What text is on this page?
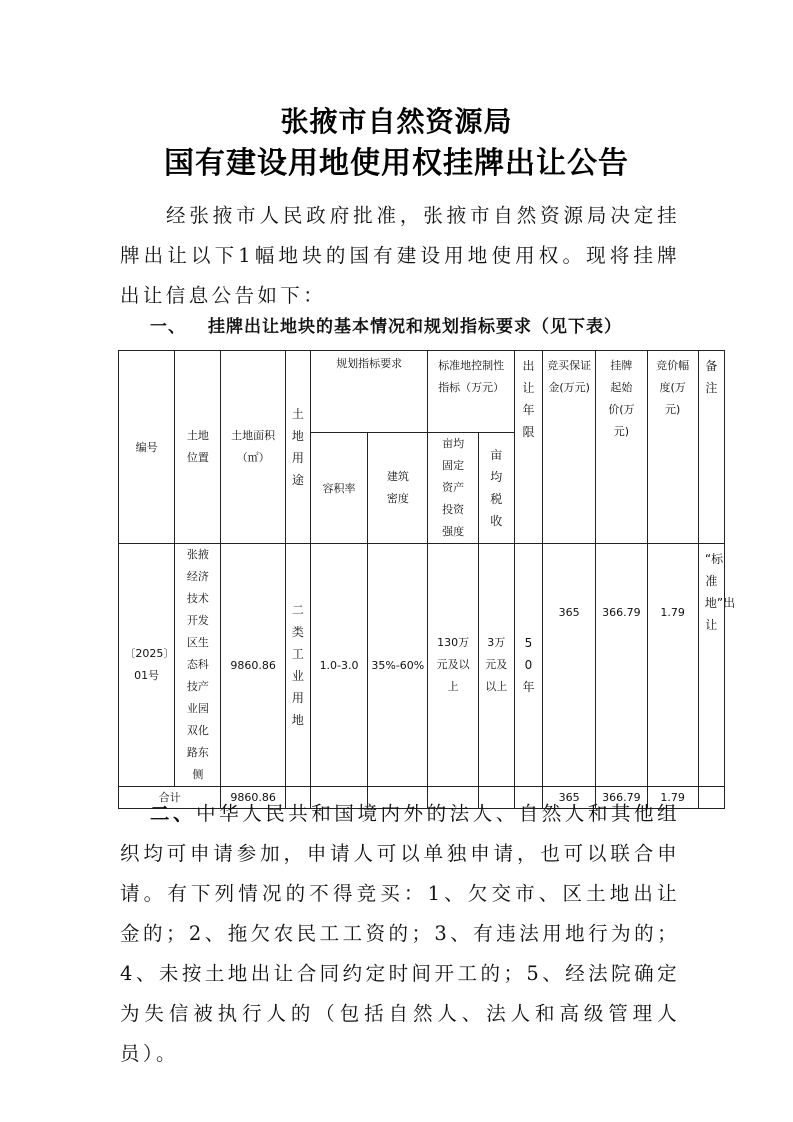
张掖市自然资源局
国有建设用地使用权挂牌出让公告

经张掖市人民政府批准，张掖市自然资源局决定挂牌出让以下1幅地块的国有建设用地使用权。现将挂牌出让信息公告如下：

一、 挂牌出让地块的基本情况和规划指标要求（见下表）
编号	土地位置	土地面积（㎡）	土地用途	规划指标要求		标准地控制性指标（万元）		出让年限	竞买保证金(万元)	挂牌起始价(万元)	竞价幅度(万元)	备注

				容积率	建筑密度	亩均固定资产投资强度	亩均税收					
〔2025〕01号	张掖经济技术开发区生态科技产业园双化路东侧	9860.86	二类工业用地	1.0-3.0	35%-60%	130万元及以上	3万元及以上	50年	365	366.79	1.79	“标准地”出让

合计		9860.86							365	366.79	1.79	

二、中华人民共和国境内外的法人、自然人和其他组织均可申请参加，申请人可以单独申请，也可以联合申请。有下列情况的不得竞买：1、欠交市、区土地出让金的；2、拖欠农民工工资的；3、有违法用地行为的；4、未按土地出让合同约定时间开工的；5、经法院确定为失信被执行人的（包括自然人、法人和高级管理人员）。
